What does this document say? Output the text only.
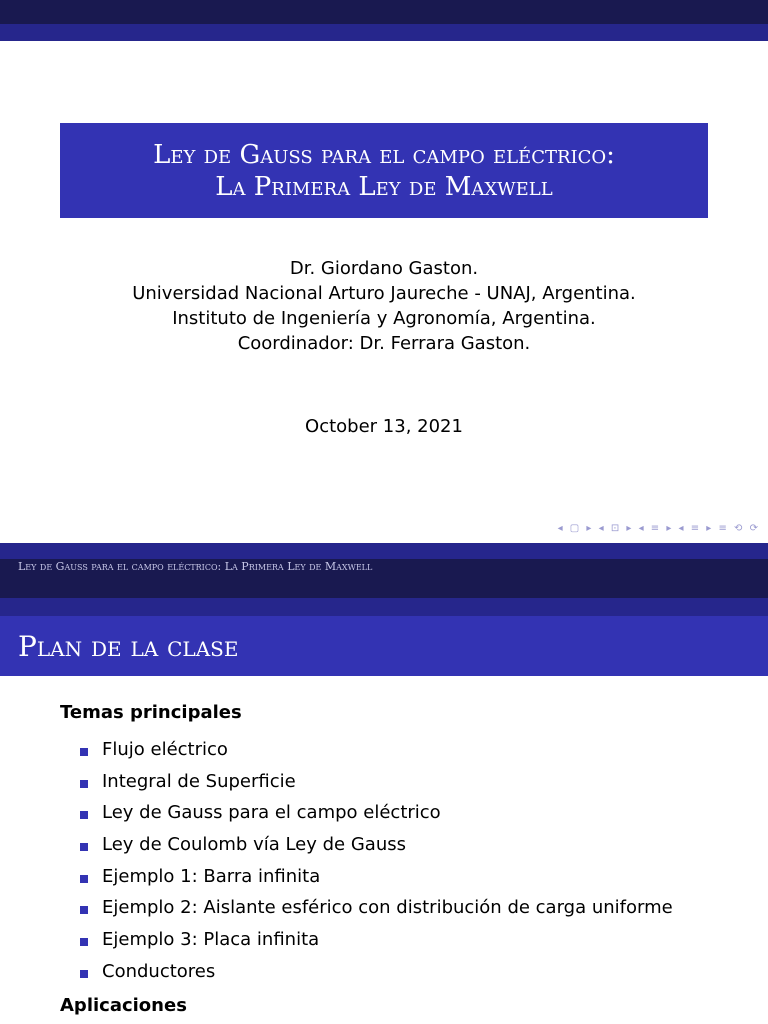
Ley de Gauss para el campo eléctrico:
La Primera Ley de Maxwell
Dr. Giordano Gaston.
Universidad Nacional Arturo Jaureche - UNAJ, Argentina.
Instituto de Ingeniería y Agronomía, Argentina.
Coordinador: Dr. Ferrara Gaston.
October 13, 2021
◂ ▢ ▸ ◂ ⊡ ▸ ◂ ≡ ▸ ◂ ≡ ▸ ≡ ⟲ ⟳
Ley de Gauss para el campo eléctrico: La Primera Ley de Maxwell
Plan de la clase
Temas principales
Flujo eléctrico
Integral de Superficie
Ley de Gauss para el campo eléctrico
Ley de Coulomb vía Ley de Gauss
Ejemplo 1: Barra infinita
Ejemplo 2: Aislante esférico con distribución de carga uniforme
Ejemplo 3: Placa infinita
Conductores
Aplicaciones
